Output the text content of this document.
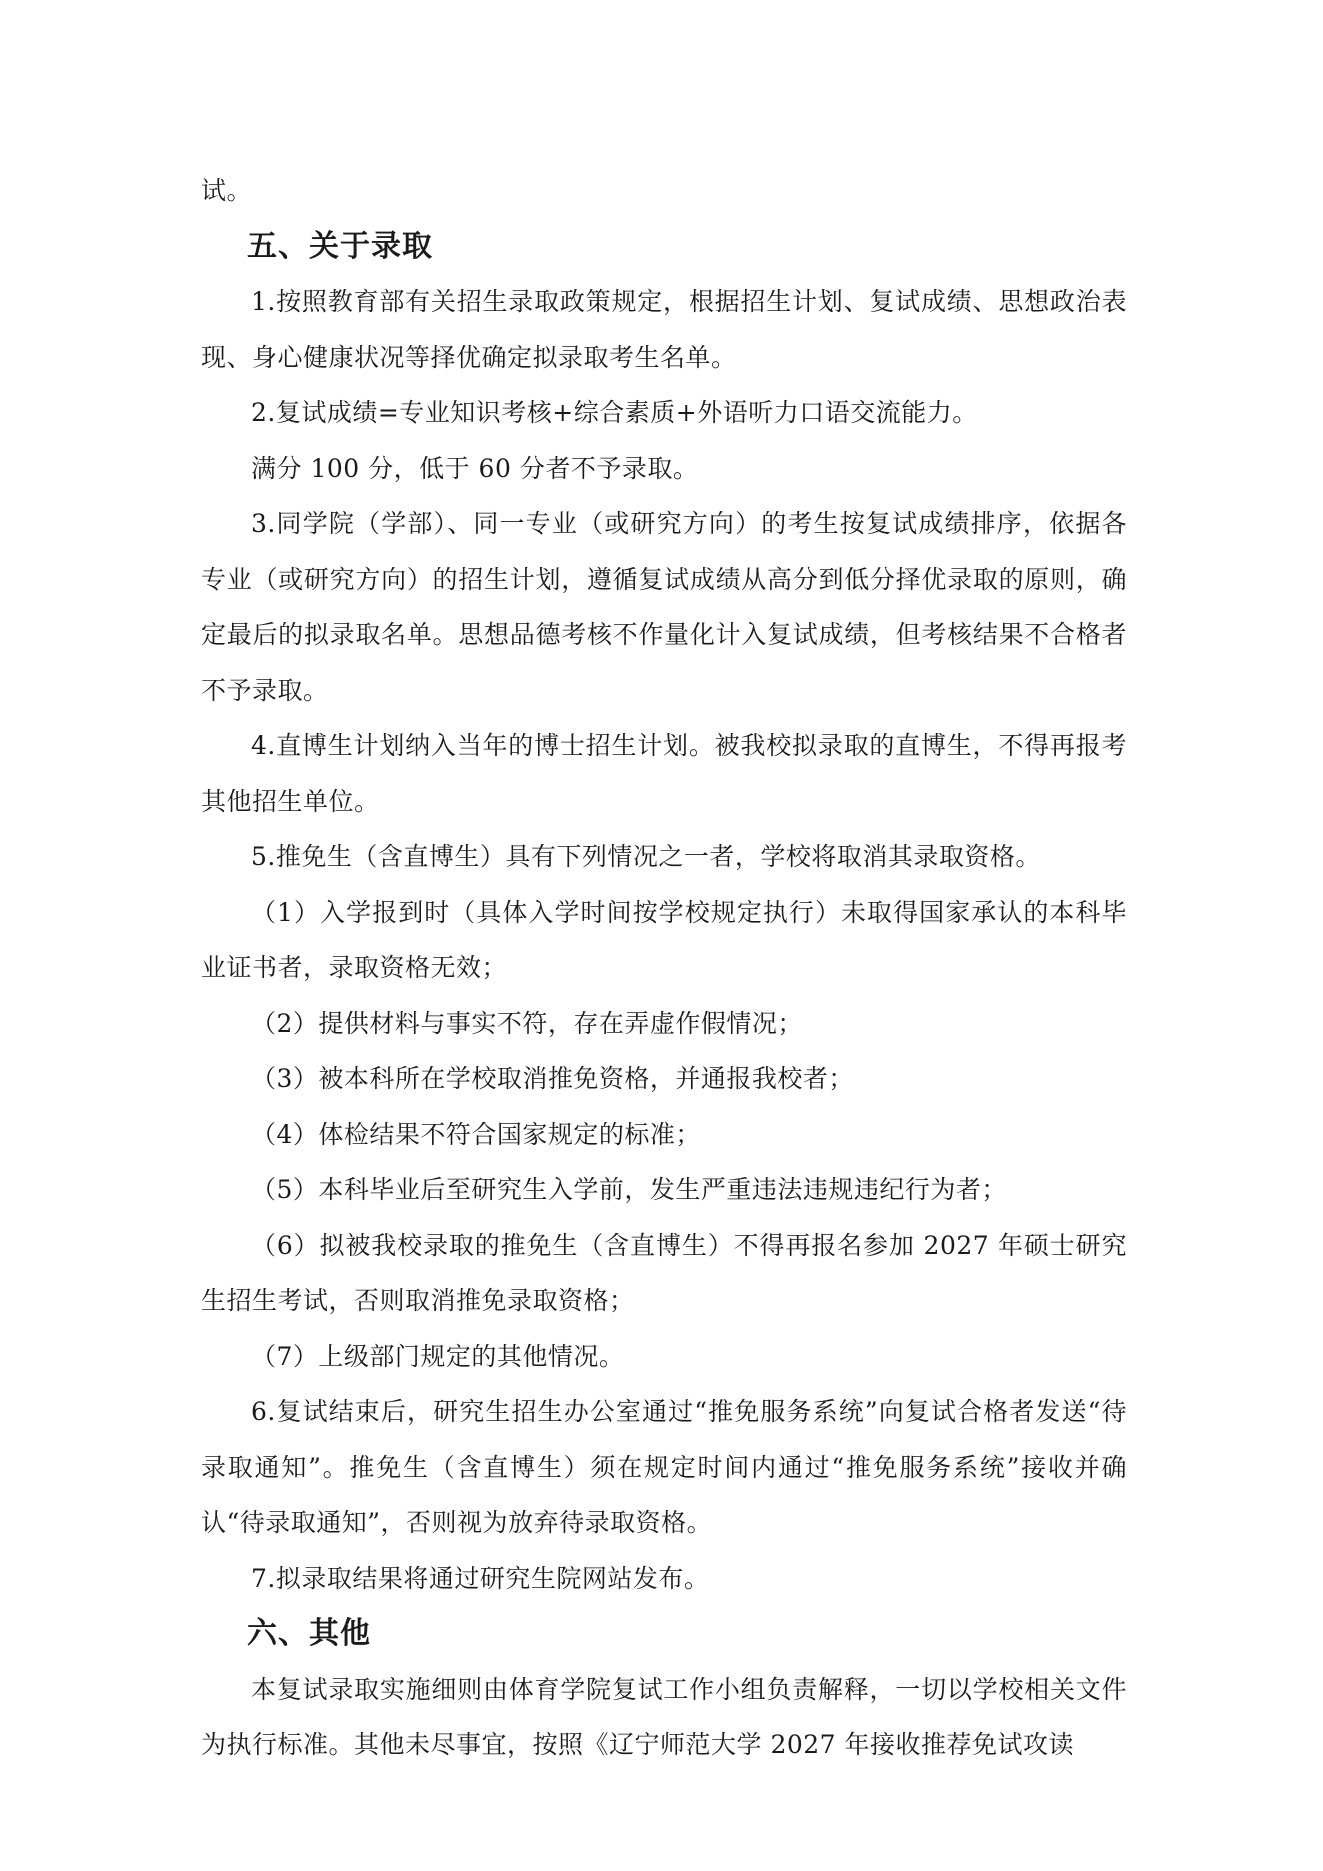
试。

五、关于录取

1.按照教育部有关招生录取政策规定，根据招生计划、复试成绩、思想政治表现、身心健康状况等择优确定拟录取考生名单。

2.复试成绩=专业知识考核+综合素质+外语听力口语交流能力。

满分 100 分，低于 60 分者不予录取。

3.同学院（学部）、同一专业（或研究方向）的考生按复试成绩排序，依据各专业（或研究方向）的招生计划，遵循复试成绩从高分到低分择优录取的原则，确定最后的拟录取名单。思想品德考核不作量化计入复试成绩，但考核结果不合格者不予录取。

4.直博生计划纳入当年的博士招生计划。被我校拟录取的直博生，不得再报考其他招生单位。

5.推免生（含直博生）具有下列情况之一者，学校将取消其录取资格。

（1）入学报到时（具体入学时间按学校规定执行）未取得国家承认的本科毕业证书者，录取资格无效；

（2）提供材料与事实不符，存在弄虚作假情况；

（3）被本科所在学校取消推免资格，并通报我校者；

（4）体检结果不符合国家规定的标准；

（5）本科毕业后至研究生入学前，发生严重违法违规违纪行为者；

（6）拟被我校录取的推免生（含直博生）不得再报名参加 2027 年硕士研究生招生考试，否则取消推免录取资格；

（7）上级部门规定的其他情况。

6.复试结束后，研究生招生办公室通过“推免服务系统”向复试合格者发送“待录取通知”。推免生（含直博生）须在规定时间内通过“推免服务系统”接收并确认“待录取通知”，否则视为放弃待录取资格。

7.拟录取结果将通过研究生院网站发布。

六、其他

本复试录取实施细则由体育学院复试工作小组负责解释，一切以学校相关文件为执行标准。其他未尽事宜，按照《辽宁师范大学 2027 年接收推荐免试攻读
